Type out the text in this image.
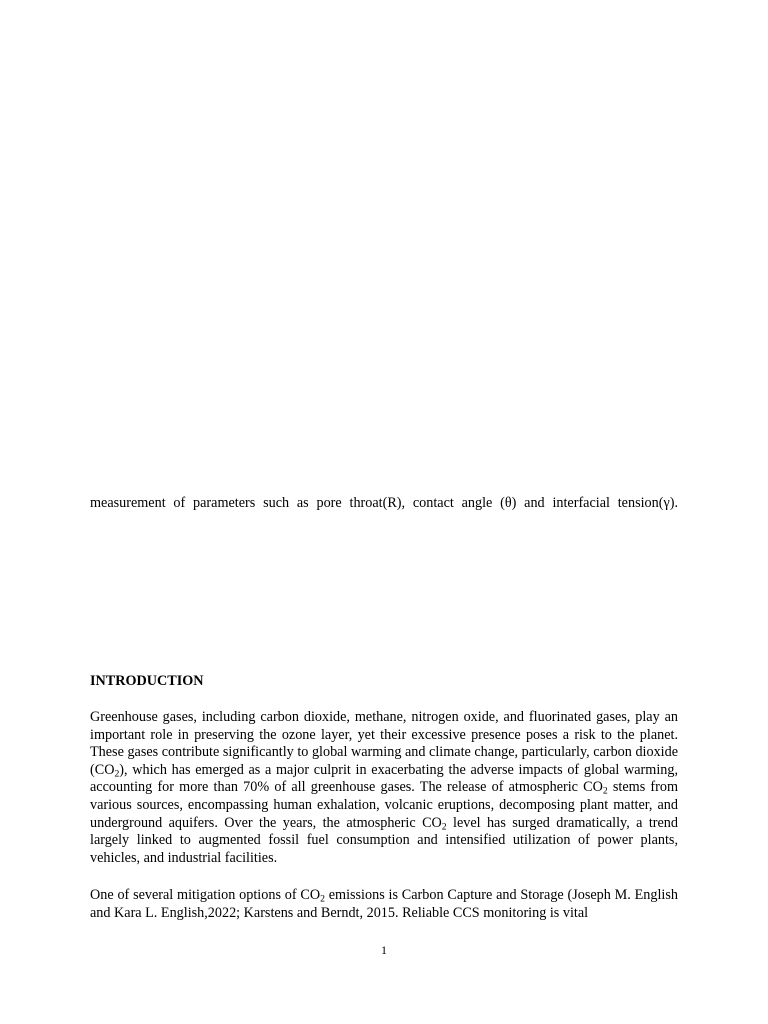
measurement of parameters such as pore throat(R), contact angle (θ) and interfacial tension(γ).

INTRODUCTION

Greenhouse gases, including carbon dioxide, methane, nitrogen oxide, and fluorinated gases, play an important role in preserving the ozone layer, yet their excessive presence poses a risk to the planet. These gases contribute significantly to global warming and climate change, particularly, carbon dioxide $(CO_2)$, which has emerged as a major culprit in exacerbating the adverse impacts of global warming, accounting for more than 70% of all greenhouse gases. The release of atmospheric $CO_2$ stems from various sources, encompassing human exhalation, volcanic eruptions, decomposing plant matter, and underground aquifers. Over the years, the atmospheric $CO_2$ level has surged dramatically, a trend largely linked to augmented fossil fuel consumption and intensified utilization of power plants, vehicles, and industrial facilities.

One of several mitigation options of $CO_2$ emissions is Carbon Capture and Storage (Joseph M. English and Kara L. English,2022; Karstens and Berndt, 2015. Reliable CCS monitoring is vital

1
